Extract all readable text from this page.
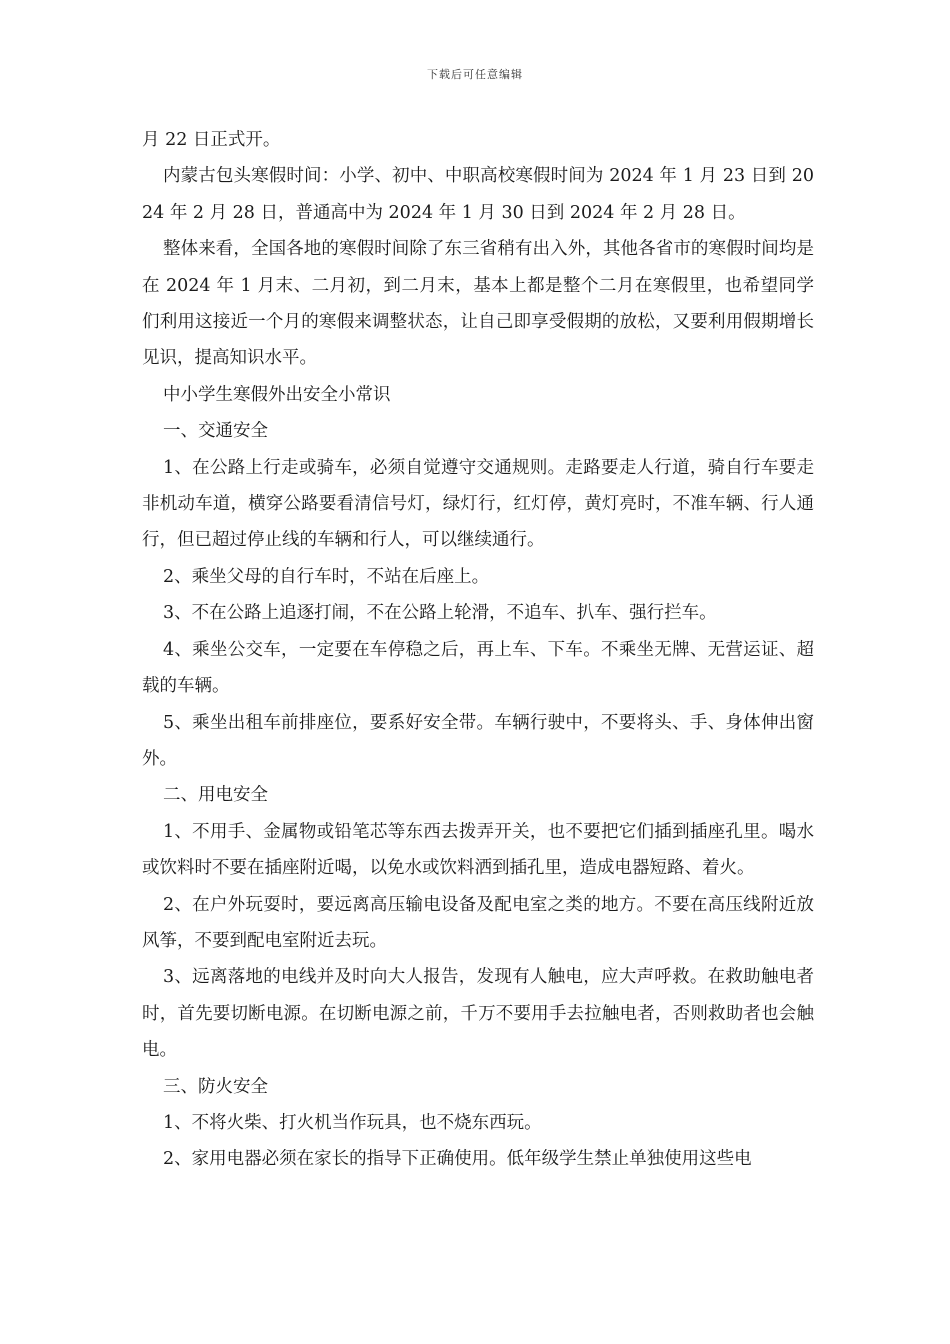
下载后可任意编辑

月 22 日正式开。

内蒙古包头寒假时间：小学、初中、中职高校寒假时间为 2024 年 1 月 23 日到 2024 年 2 月 28 日，普通高中为 2024 年 1 月 30 日到 2024 年 2 月 28 日。

整体来看，全国各地的寒假时间除了东三省稍有出入外，其他各省市的寒假时间均是在 2024 年 1 月末、二月初，到二月末，基本上都是整个二月在寒假里，也希望同学们利用这接近一个月的寒假来调整状态，让自己即享受假期的放松，又要利用假期增长见识，提高知识水平。

中小学生寒假外出安全小常识

一、交通安全

1、在公路上行走或骑车，必须自觉遵守交通规则。走路要走人行道，骑自行车要走非机动车道，横穿公路要看清信号灯，绿灯行，红灯停，黄灯亮时，不准车辆、行人通行，但已超过停止线的车辆和行人，可以继续通行。

2、乘坐父母的自行车时，不站在后座上。

3、不在公路上追逐打闹，不在公路上轮滑，不追车、扒车、强行拦车。

4、乘坐公交车，一定要在车停稳之后，再上车、下车。不乘坐无牌、无营运证、超载的车辆。

5、乘坐出租车前排座位，要系好安全带。车辆行驶中，不要将头、手、身体伸出窗外。

二、用电安全

1、不用手、金属物或铅笔芯等东西去拨弄开关，也不要把它们插到插座孔里。喝水或饮料时不要在插座附近喝，以免水或饮料洒到插孔里，造成电器短路、着火。

2、在户外玩耍时，要远离高压输电设备及配电室之类的地方。不要在高压线附近放风筝，不要到配电室附近去玩。

3、远离落地的电线并及时向大人报告，发现有人触电，应大声呼救。在救助触电者时，首先要切断电源。在切断电源之前，千万不要用手去拉触电者，否则救助者也会触电。

三、防火安全

1、不将火柴、打火机当作玩具，也不烧东西玩。

2、家用电器必须在家长的指导下正确使用。低年级学生禁止单独使用这些电
